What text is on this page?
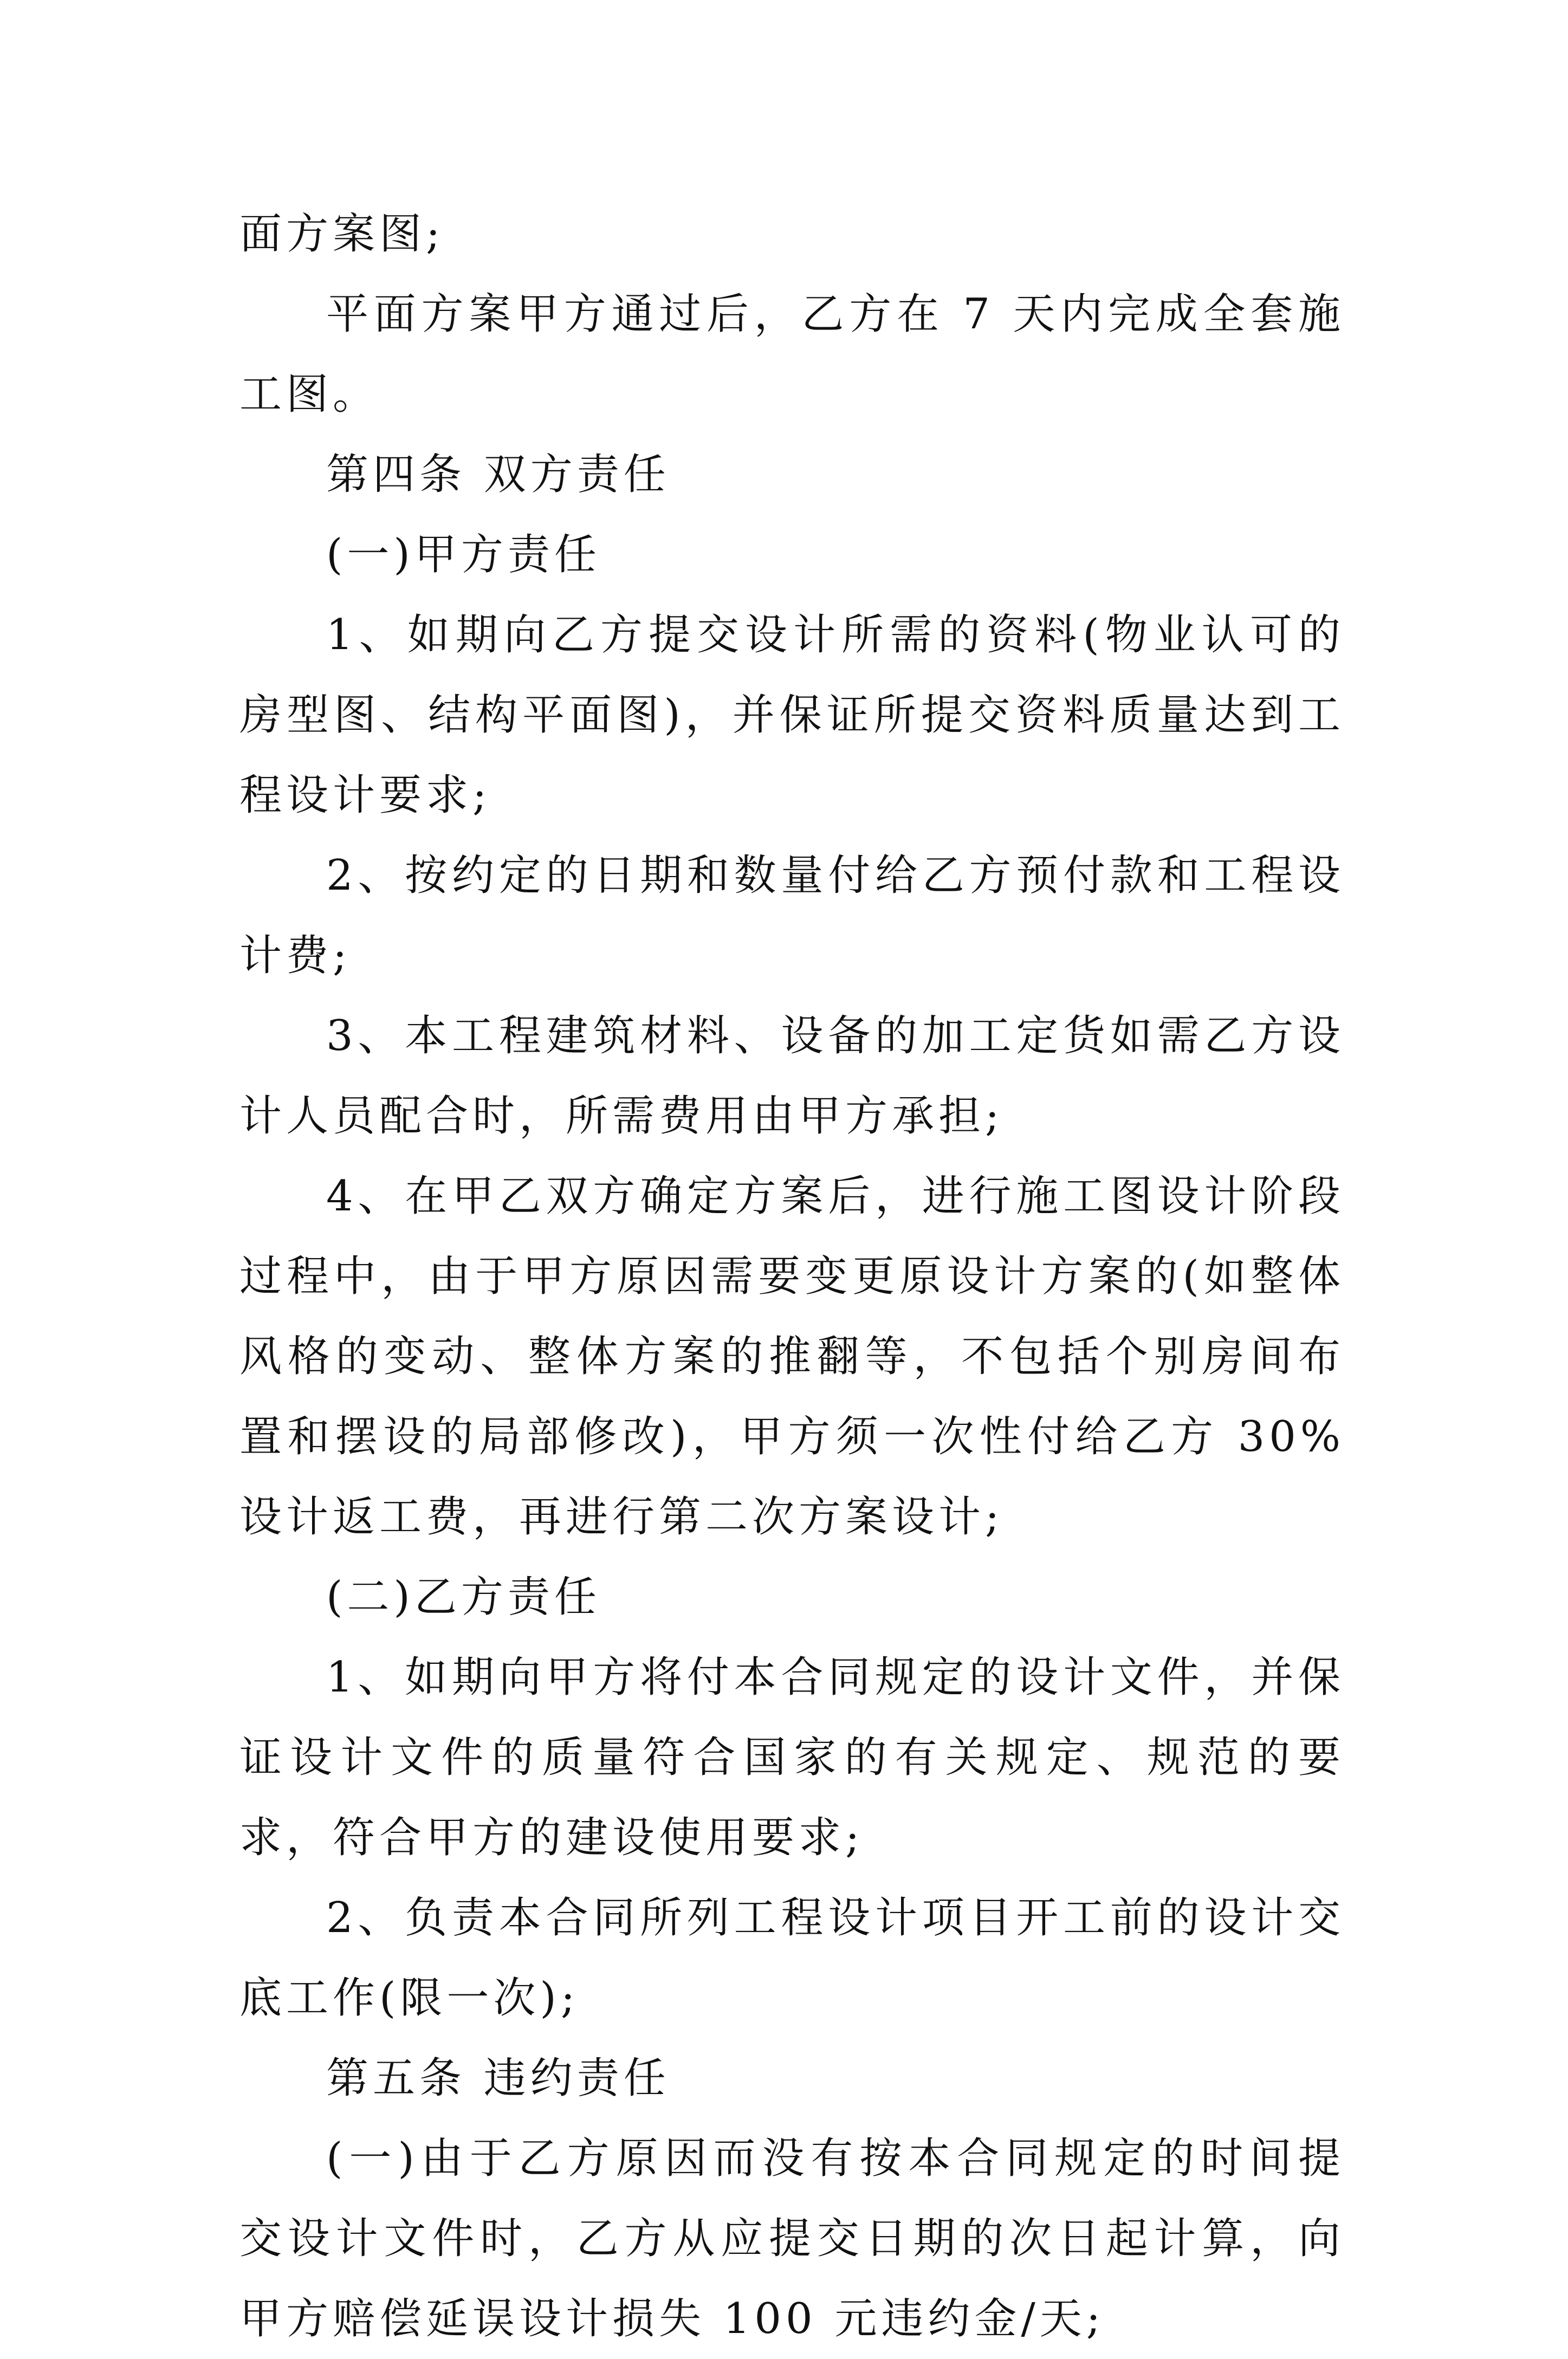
面方案图;

平面方案甲方通过后，乙方在 7 天内完成全套施工图。

第四条 双方责任

(一)甲方责任

1、如期向乙方提交设计所需的资料(物业认可的房型图、结构平面图)，并保证所提交资料质量达到工程设计要求;

2、按约定的日期和数量付给乙方预付款和工程设计费;

3、本工程建筑材料、设备的加工定货如需乙方设计人员配合时，所需费用由甲方承担;

4、在甲乙双方确定方案后，进行施工图设计阶段过程中，由于甲方原因需要变更原设计方案的(如整体风格的变动、整体方案的推翻等，不包括个别房间布置和摆设的局部修改)，甲方须一次性付给乙方 30%设计返工费，再进行第二次方案设计;

(二)乙方责任

1、如期向甲方将付本合同规定的设计文件，并保证设计文件的质量符合国家的有关规定、规范的要求，符合甲方的建设使用要求;

2、负责本合同所列工程设计项目开工前的设计交底工作(限一次);

第五条 违约责任

(一)由于乙方原因而没有按本合同规定的时间提交设计文件时，乙方从应提交日期的次日起计算，向甲方赔偿延误设计损失 100 元违约金/天;
